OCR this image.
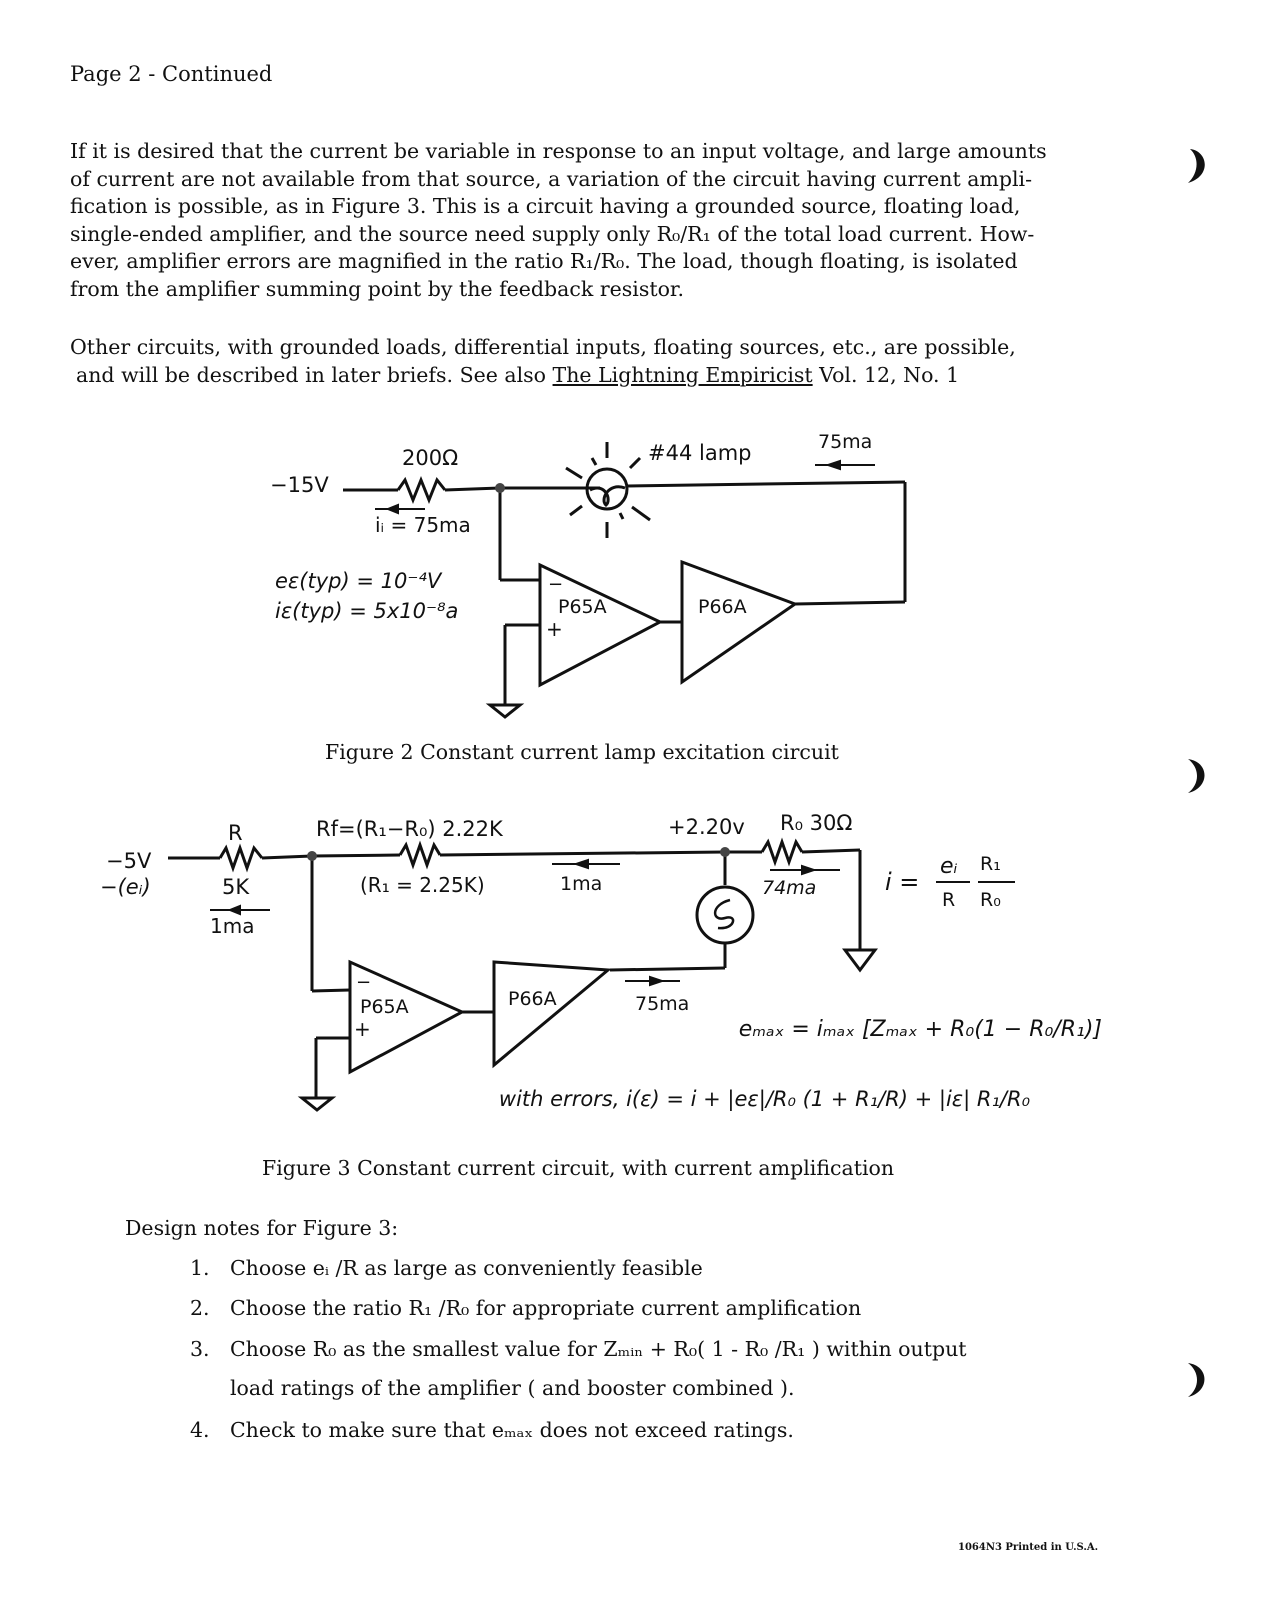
Page 2 - Continued
If it is desired that the current be variable in response to an input voltage, and large amounts
of current are not available from that source, a variation of the circuit having current ampli-
fication is possible, as in Figure 3. This is a circuit having a grounded source, floating load,
single-ended amplifier, and the source need supply only R₀/R₁ of the total load current. How-
ever, amplifier errors are magnified in the ratio R₁/R₀. The load, though floating, is isolated
from the amplifier summing point by the feedback resistor.
Other circuits, with grounded loads, differential inputs, floating sources, etc., are possible,
and will be described in later briefs. See also The Lightning Empiricist Vol. 12, No. 1
−15V
200Ω
iᵢ = 75ma
#44 lamp	75ma
eε(typ) = 10⁻⁴V
iε(typ) = 5x10⁻⁸a
−
+
P65A	P66A
Figure 2 Constant current lamp excitation circuit
−5V
−(eᵢ)
R
5K
1ma
Rf=(R₁−R₀) 2.22K
(R₁ = 2.25K)	1ma
+2.20v R₀ 30Ω
74ma
−
+
P65A	P66A	75ma
i =
eᵢ
R
R₁
R₀
eₘₐₓ = iₘₐₓ [Zₘₐₓ + R₀(1 − R₀/R₁)]
with errors, i(ε) = i + |eε|/R₀ (1 + R₁/R) + |iε| R₁/R₀
Figure 3 Constant current circuit, with current amplification
Design notes for Figure 3:
1. Choose eᵢ /R as large as conveniently feasible
2. Choose the ratio R₁ /R₀ for appropriate current amplification
3. Choose R₀ as the smallest value for Zₘᵢₙ + R₀( 1 - R₀ /R₁ ) within output
load ratings of the amplifier ( and booster combined ).
4. Check to make sure that eₘₐₓ does not exceed ratings.
1064N3 Printed in U.S.A.
